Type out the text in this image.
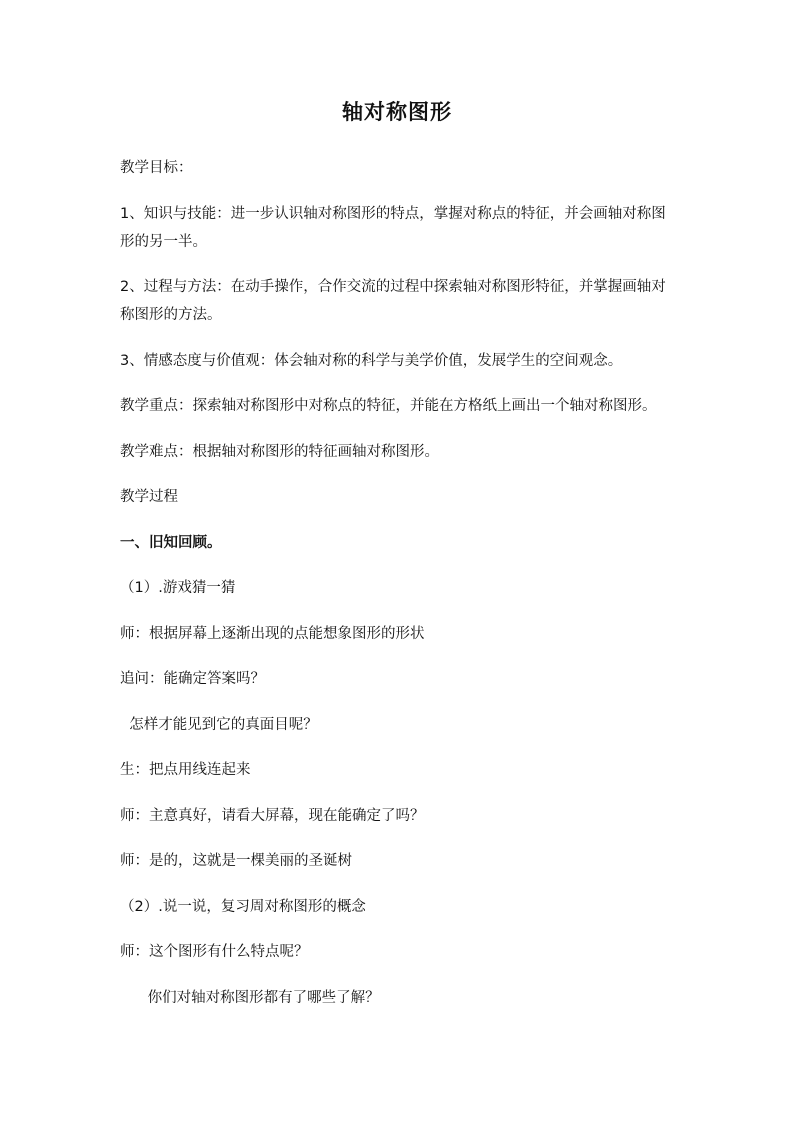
轴对称图形

教学目标：

1、知识与技能：进一步认识轴对称图形的特点，掌握对称点的特征，并会画轴对称图形的另一半。

2、过程与方法：在动手操作，合作交流的过程中探索轴对称图形特征，并掌握画轴对称图形的方法。

3、情感态度与价值观：体会轴对称的科学与美学价值，发展学生的空间观念。

教学重点：探索轴对称图形中对称点的特征，并能在方格纸上画出一个轴对称图形。

教学难点：根据轴对称图形的特征画轴对称图形。

教学过程

一、旧知回顾。

（1）.游戏猜一猜

师：根据屏幕上逐渐出现的点能想象图形的形状

追问：能确定答案吗？

怎样才能见到它的真面目呢？

生：把点用线连起来

师：主意真好，请看大屏幕，现在能确定了吗？

师：是的，这就是一棵美丽的圣诞树

（2）.说一说，复习周对称图形的概念

师：这个图形有什么特点呢？

你们对轴对称图形都有了哪些了解？
